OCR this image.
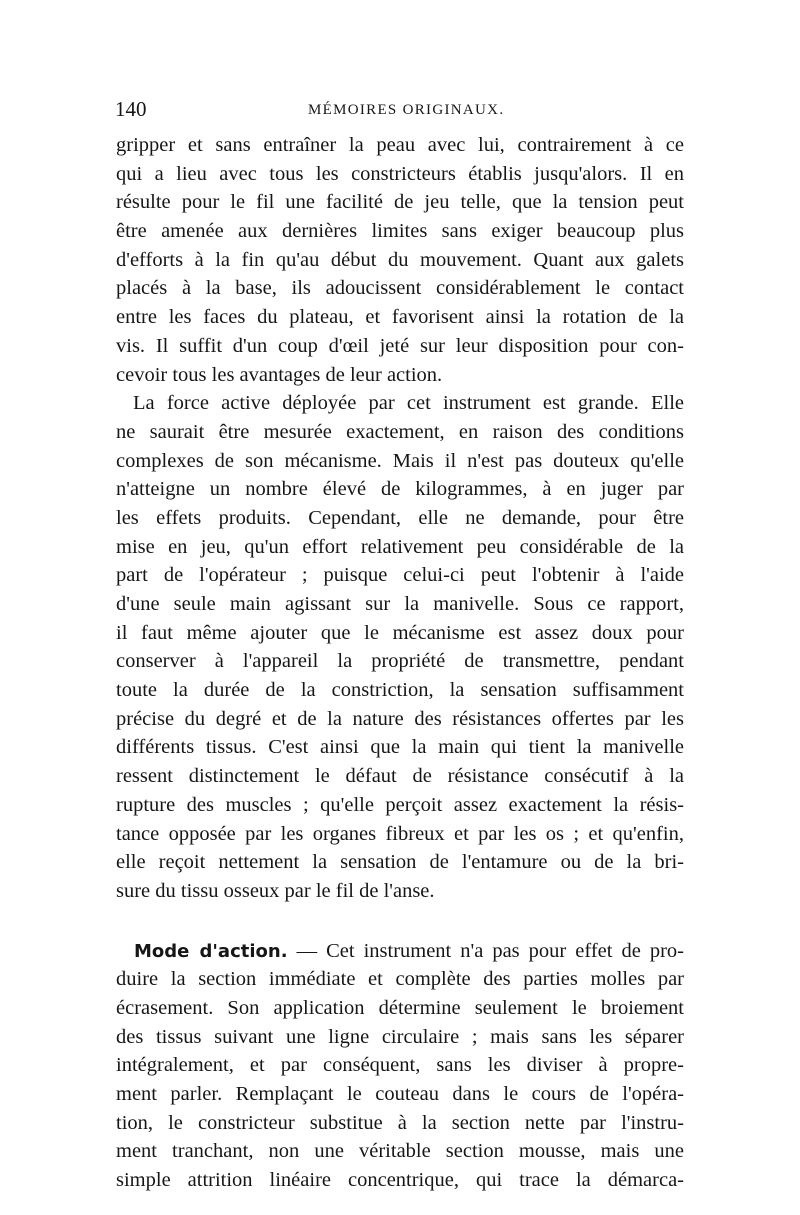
140	MÉMOIRES ORIGINAUX.
gripper et sans entraîner la peau avec lui, contrairement à ce
qui a lieu avec tous les constricteurs établis jusqu'alors. Il en
résulte pour le fil une facilité de jeu telle, que la tension peut
être amenée aux dernières limites sans exiger beaucoup plus
d'efforts à la fin qu'au début du mouvement. Quant aux galets
placés à la base, ils adoucissent considérablement le contact
entre les faces du plateau, et favorisent ainsi la rotation de la
vis. Il suffit d'un coup d'œil jeté sur leur disposition pour con-
cevoir tous les avantages de leur action.
La force active déployée par cet instrument est grande. Elle
ne saurait être mesurée exactement, en raison des conditions
complexes de son mécanisme. Mais il n'est pas douteux qu'elle
n'atteigne un nombre élevé de kilogrammes, à en juger par
les effets produits. Cependant, elle ne demande, pour être
mise en jeu, qu'un effort relativement peu considérable de la
part de l'opérateur ; puisque celui-ci peut l'obtenir à l'aide
d'une seule main agissant sur la manivelle. Sous ce rapport,
il faut même ajouter que le mécanisme est assez doux pour
conserver à l'appareil la propriété de transmettre, pendant
toute la durée de la constriction, la sensation suffisamment
précise du degré et de la nature des résistances offertes par les
différents tissus. C'est ainsi que la main qui tient la manivelle
ressent distinctement le défaut de résistance consécutif à la
rupture des muscles ; qu'elle perçoit assez exactement la résis-
tance opposée par les organes fibreux et par les os ; et qu'enfin,
elle reçoit nettement la sensation de l'entamure ou de la bri-
sure du tissu osseux par le fil de l'anse.
Mode d'action. — Cet instrument n'a pas pour effet de pro-
duire la section immédiate et complète des parties molles par
écrasement. Son application détermine seulement le broiement
des tissus suivant une ligne circulaire ; mais sans les séparer
intégralement, et par conséquent, sans les diviser à propre-
ment parler. Remplaçant le couteau dans le cours de l'opéra-
tion, le constricteur substitue à la section nette par l'instru-
ment tranchant, non une véritable section mousse, mais une
simple attrition linéaire concentrique, qui trace la démarca-
